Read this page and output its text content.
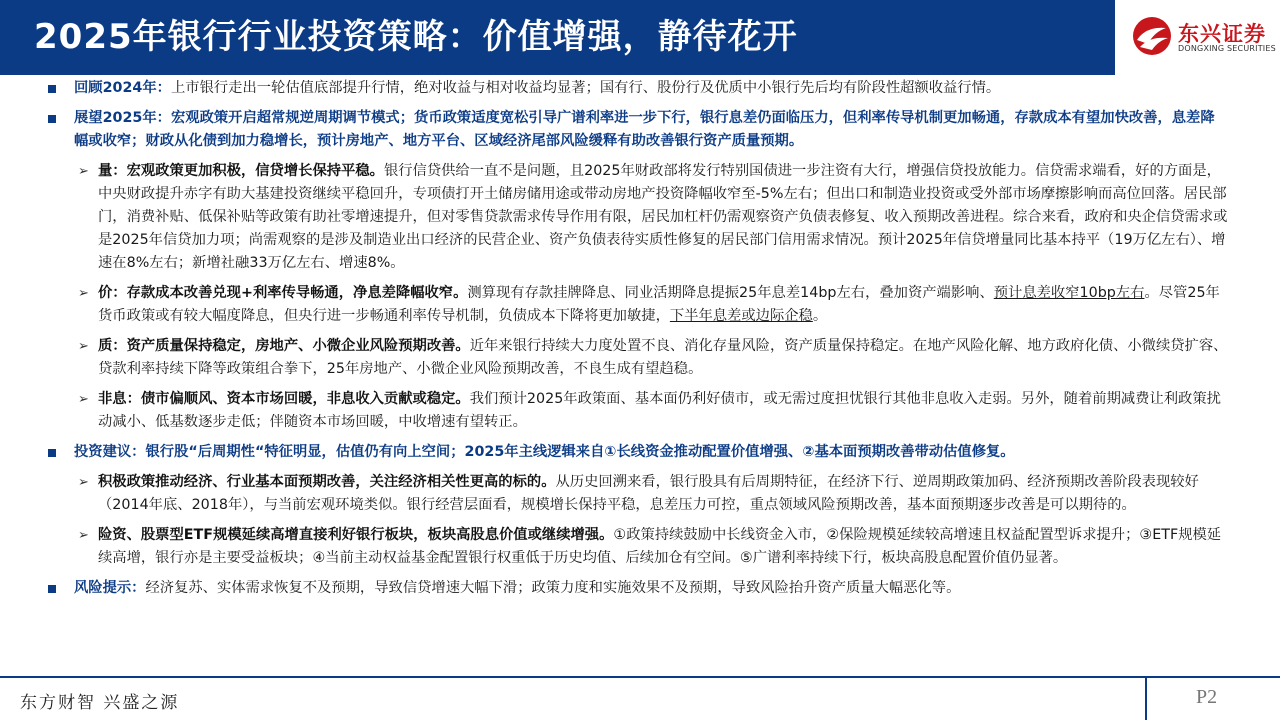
2025年银行行业投资策略：价值增强，静待花开	东兴证券
DONGXING SECURITIES
回顾2024年：上市银行走出一轮估值底部提升行情，绝对收益与相对收益均显著；国有行、股份行及优质中小银行先后均有阶段性超额收益行情。
展望2025年：宏观政策开启超常规逆周期调节模式；货币政策适度宽松引导广谱利率进一步下行，银行息差仍面临压力，但利率传导机制更加畅通，存款成本有望加快改善，息差降幅或收窄；财政从化债到加力稳增长，预计房地产、地方平台、区域经济尾部风险缓释有助改善银行资产质量预期。
➢ 量：宏观政策更加积极，信贷增长保持平稳。银行信贷供给一直不是问题，且2025年财政部将发行特别国债进一步注资有大行，增强信贷投放能力。信贷需求端看，好的方面是，中央财政提升赤字有助大基建投资继续平稳回升，专项债打开土储房储用途或带动房地产投资降幅收窄至-5%左右；但出口和制造业投资或受外部市场摩擦影响而高位回落。居民部门，消费补贴、低保补贴等政策有助社零增速提升，但对零售贷款需求传导作用有限，居民加杠杆仍需观察资产负债表修复、收入预期改善进程。综合来看，政府和央企信贷需求或是2025年信贷加力项；尚需观察的是涉及制造业出口经济的民营企业、资产负债表待实质性修复的居民部门信用需求情况。预计2025年信贷增量同比基本持平（19万亿左右）、增速在8%左右；新增社融33万亿左右、增速8%。
➢ 价：存款成本改善兑现+利率传导畅通，净息差降幅收窄。测算现有存款挂牌降息、同业活期降息提振25年息差14bp左右，叠加资产端影响、预计息差收窄10bp左右。尽管25年货币政策或有较大幅度降息，但央行进一步畅通利率传导机制，负债成本下降将更加敏捷，下半年息差或边际企稳。
➢ 质：资产质量保持稳定，房地产、小微企业风险预期改善。近年来银行持续大力度处置不良、消化存量风险，资产质量保持稳定。在地产风险化解、地方政府化债、小微续贷扩容、贷款利率持续下降等政策组合拳下，25年房地产、小微企业风险预期改善，不良生成有望趋稳。
➢ 非息：债市偏顺风、资本市场回暖，非息收入贡献或稳定。我们预计2025年政策面、基本面仍利好债市，或无需过度担忧银行其他非息收入走弱。另外，随着前期减费让利政策扰动减小、低基数逐步走低；伴随资本市场回暖，中收增速有望转正。
投资建议：银行股“后周期性“特征明显，估值仍有向上空间；2025年主线逻辑来自①长线资金推动配置价值增强、②基本面预期改善带动估值修复。
➢ 积极政策推动经济、行业基本面预期改善，关注经济相关性更高的标的。从历史回溯来看，银行股具有后周期特征，在经济下行、逆周期政策加码、经济预期改善阶段表现较好（2014年底、2018年），与当前宏观环境类似。银行经营层面看，规模增长保持平稳，息差压力可控，重点领域风险预期改善，基本面预期逐步改善是可以期待的。
➢ 险资、股票型ETF规模延续高增直接利好银行板块，板块高股息价值或继续增强。①政策持续鼓励中长线资金入市，②保险规模延续较高增速且权益配置型诉求提升；③ETF规模延续高增，银行亦是主要受益板块；④当前主动权益基金配置银行权重低于历史均值、后续加仓有空间。⑤广谱利率持续下行，板块高股息配置价值仍显著。
风险提示：经济复苏、实体需求恢复不及预期，导致信贷增速大幅下滑；政策力度和实施效果不及预期，导致风险抬升资产质量大幅恶化等。
东方财智 兴盛之源	P2
